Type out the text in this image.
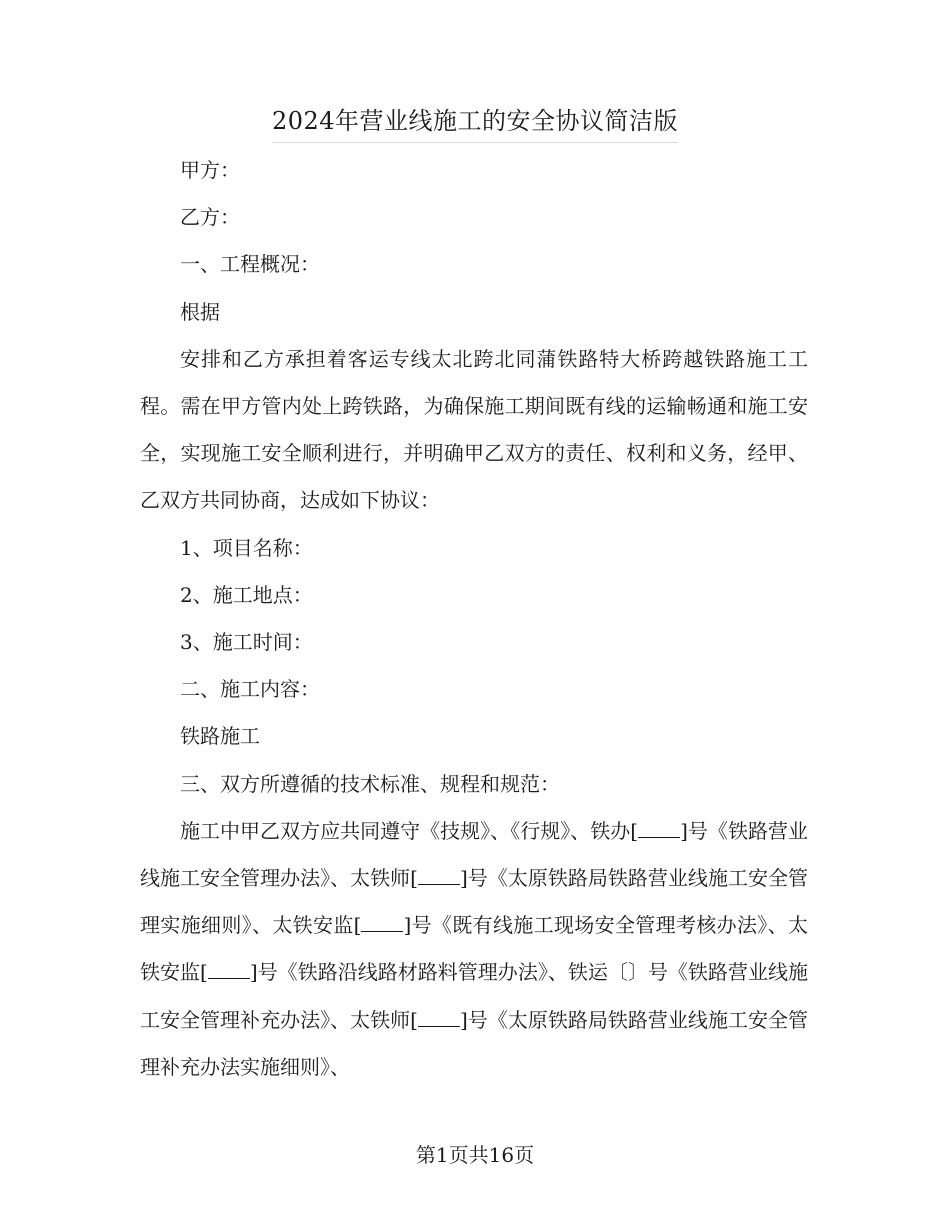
2024年营业线施工的安全协议简洁版

甲方：

乙方：

一、工程概况：

根据

安排和乙方承担着客运专线太北跨北同蒲铁路特大桥跨越铁路施工工程。需在甲方管内处上跨铁路，为确保施工期间既有线的运输畅通和施工安全，实现施工安全顺利进行，并明确甲乙双方的责任、权利和义务，经甲、乙双方共同协商，达成如下协议：

1、项目名称：

2、施工地点：

3、施工时间：

二、施工内容：

铁路施工

三、双方所遵循的技术标准、规程和规范：

施工中甲乙双方应共同遵守《技规》、《行规》、铁办[ ]号《铁路营业线施工安全管理办法》、太铁师[ ]号《太原铁路局铁路营业线施工安全管理实施细则》、太铁安监[ ]号《既有线施工现场安全管理考核办法》、太铁安监[ ]号《铁路沿线路材路料管理办法》、铁运〔〕号《铁路营业线施工安全管理补充办法》、太铁师[ ]号《太原铁路局铁路营业线施工安全管理补充办法实施细则》、

第1页共16页
